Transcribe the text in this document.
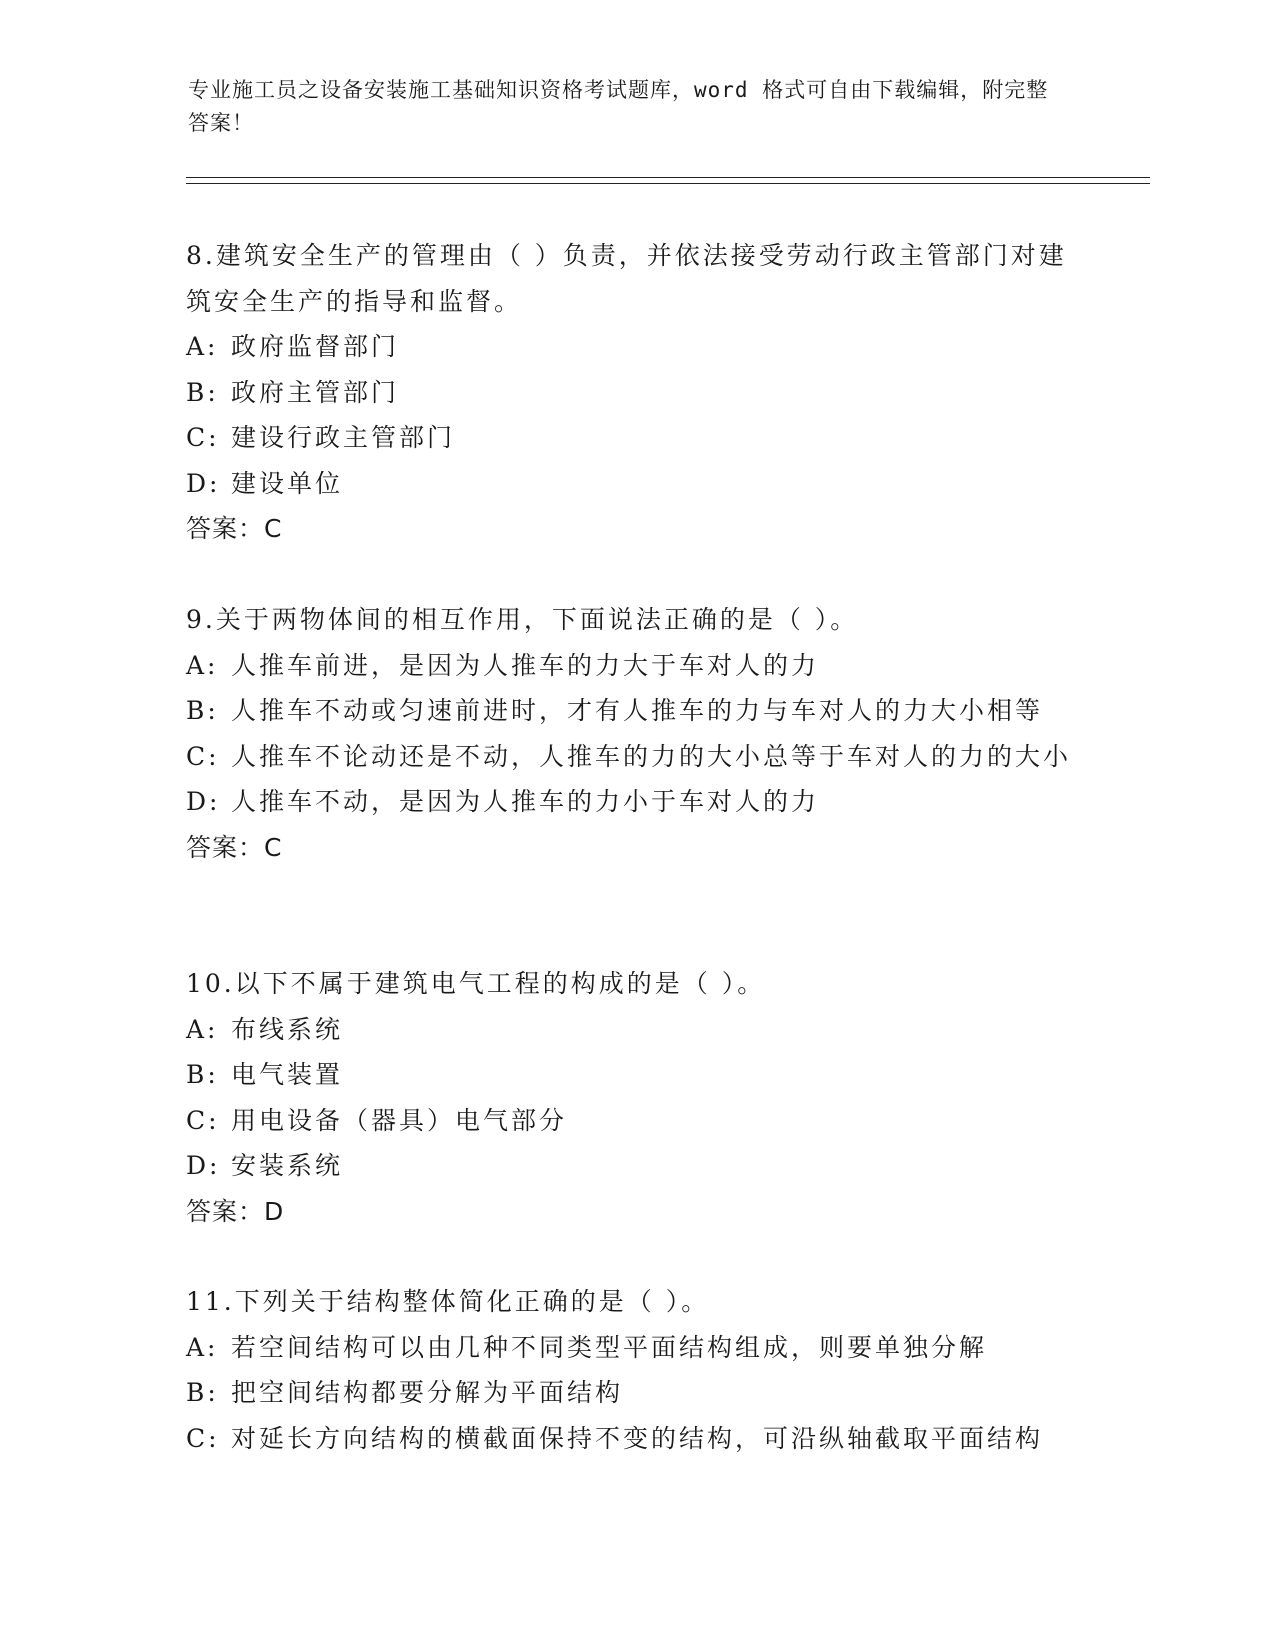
专业施工员之设备安装施工基础知识资格考试题库，word 格式可自由下载编辑，附完整答案！

8.建筑安全生产的管理由（ ）负责，并依法接受劳动行政主管部门对建筑安全生产的指导和监督。

A: 政府监督部门

B: 政府主管部门

C: 建设行政主管部门

D: 建设单位

答案：C

9.关于两物体间的相互作用，下面说法正确的是（ ）。

A: 人推车前进，是因为人推车的力大于车对人的力

B: 人推车不动或匀速前进时，才有人推车的力与车对人的力大小相等

C: 人推车不论动还是不动，人推车的力的大小总等于车对人的力的大小

D: 人推车不动，是因为人推车的力小于车对人的力

答案：C

10.以下不属于建筑电气工程的构成的是（ ）。

A: 布线系统

B: 电气装置

C: 用电设备（器具）电气部分

D: 安装系统

答案：D

11.下列关于结构整体简化正确的是（ ）。

A: 若空间结构可以由几种不同类型平面结构组成，则要单独分解

B: 把空间结构都要分解为平面结构

C: 对延长方向结构的横截面保持不变的结构，可沿纵轴截取平面结构
